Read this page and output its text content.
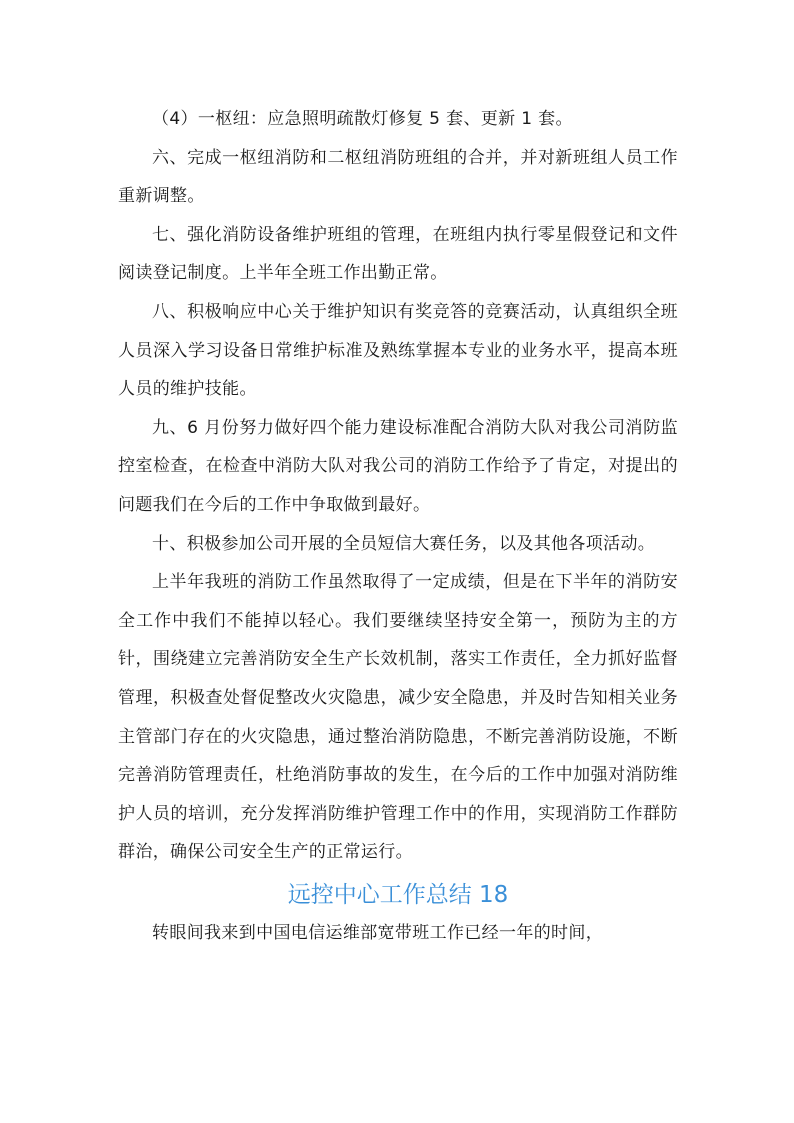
（4）一枢纽：应急照明疏散灯修复 5 套、更新 1 套。

六、完成一枢纽消防和二枢纽消防班组的合并，并对新班组人员工作重新调整。

七、强化消防设备维护班组的管理，在班组内执行零星假登记和文件阅读登记制度。上半年全班工作出勤正常。

八、积极响应中心关于维护知识有奖竞答的竞赛活动，认真组织全班人员深入学习设备日常维护标准及熟练掌握本专业的业务水平，提高本班人员的维护技能。

九、6 月份努力做好四个能力建设标准配合消防大队对我公司消防监控室检查，在检查中消防大队对我公司的消防工作给予了肯定，对提出的问题我们在今后的工作中争取做到最好。

十、积极参加公司开展的全员短信大赛任务，以及其他各项活动。

上半年我班的消防工作虽然取得了一定成绩，但是在下半年的消防安全工作中我们不能掉以轻心。我们要继续坚持安全第一，预防为主的方针，围绕建立完善消防安全生产长效机制，落实工作责任，全力抓好监督管理，积极查处督促整改火灾隐患，减少安全隐患，并及时告知相关业务主管部门存在的火灾隐患，通过整治消防隐患，不断完善消防设施，不断完善消防管理责任，杜绝消防事故的发生，在今后的工作中加强对消防维护人员的培训，充分发挥消防维护管理工作中的作用，实现消防工作群防群治，确保公司安全生产的正常运行。

远控中心工作总结 18

转眼间我来到中国电信运维部宽带班工作已经一年的时间，
